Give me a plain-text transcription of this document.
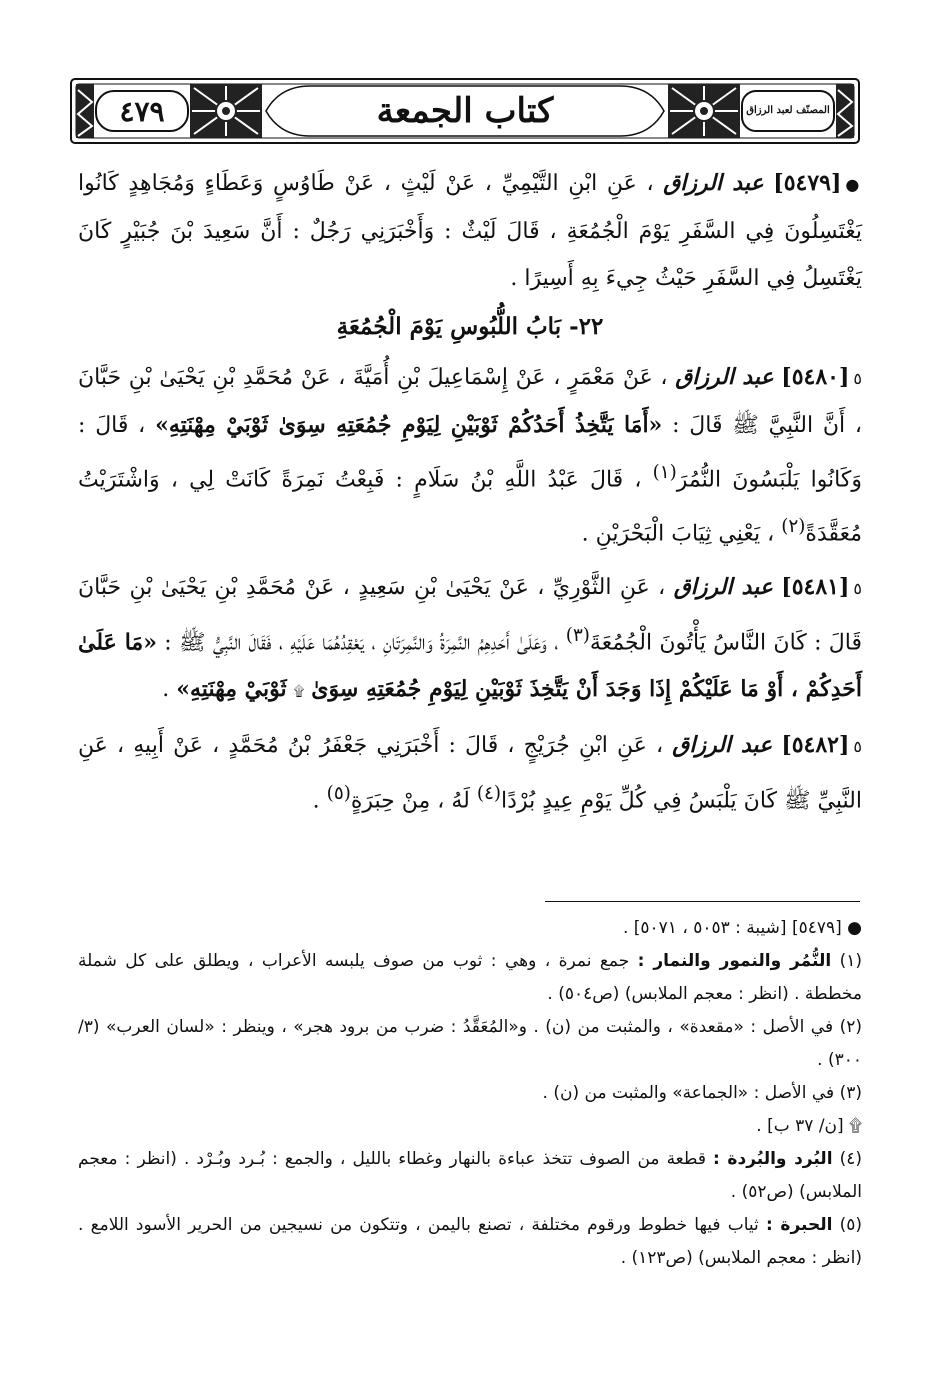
٤٧٩	كتاب الجمعة	المصنّف لعبد الرزاق

●[٥٤٧٩] عبد الرزاق ، عَنِ ابْنِ التَّيْمِيِّ ، عَنْ لَيْثٍ ، عَنْ طَاوُسٍ وَعَطَاءٍ وَمُجَاهِدٍ كَانُوا يَغْتَسِلُونَ فِي السَّفَرِ يَوْمَ الْجُمُعَةِ ، قَالَ لَيْثٌ : وَأَخْبَرَنِي رَجُلٌ : أَنَّ سَعِيدَ بْنَ جُبَيْرٍ كَانَ يَغْتَسِلُ فِي السَّفَرِ حَيْثُ جِيءَ بِهِ أَسِيرًا .

٢٢- بَابُ اللُّبُوسِ يَوْمَ الْجُمُعَةِ

٥[٥٤٨٠] عبد الرزاق ، عَنْ مَعْمَرٍ ، عَنْ إِسْمَاعِيلَ بْنِ أُمَيَّةَ ، عَنْ مُحَمَّدِ بْنِ يَحْيَىٰ بْنِ حَبَّانَ ، أَنَّ النَّبِيَّ ﷺ قَالَ : «أَمَا يَتَّخِذُ أَحَدُكُمْ ثَوْبَيْنِ لِيَوْمِ جُمُعَتِهِ سِوَىٰ ثَوْبَيْ مِهْنَتِهِ» ، قَالَ : وَكَانُوا يَلْبَسُونَ النُّمُرَ$^{(١)}$ ، قَالَ عَبْدُ اللَّهِ بْنُ سَلَامٍ : فَبِعْتُ نَمِرَةً كَانَتْ لِي ، وَاشْتَرَيْتُ مُعَقَّدَةً$^{(٢)}$ ، يَعْنِي ثِيَابَ الْبَحْرَيْنِ .

٥[٥٤٨١] عبد الرزاق ، عَنِ الثَّوْرِيِّ ، عَنْ يَحْيَىٰ بْنِ سَعِيدٍ ، عَنْ مُحَمَّدِ بْنِ يَحْيَىٰ بْنِ حَبَّانَ قَالَ : كَانَ النَّاسُ يَأْتُونَ الْجُمُعَةَ$^{(٣)}$ ، وَعَلَىٰ أَحَدِهِمُ النَّمِرَةُ وَالنَّمِرَتَانِ ، يَعْقِدُهُمَا عَلَيْهِ ، فَقَالَ النَّبِيُّ ﷺ : «مَا عَلَىٰ أَحَدِكُمْ ، أَوْ مَا عَلَيْكُمْ إِذَا وَجَدَ أَنْ يَتَّخِذَ ثَوْبَيْنِ لِيَوْمِ جُمُعَتِهِ سِوَىٰ ۩ ثَوْبَيْ مِهْنَتِهِ» .

٥[٥٤٨٢] عبد الرزاق ، عَنِ ابْنِ جُرَيْجٍ ، قَالَ : أَخْبَرَنِي جَعْفَرُ بْنُ مُحَمَّدٍ ، عَنْ أَبِيهِ ، عَنِ النَّبِيِّ ﷺ كَانَ يَلْبَسُ فِي كُلِّ يَوْمِ عِيدٍ بُرْدًا$^{(٤)}$ لَهُ ، مِنْ حِبَرَةٍ$^{(٥)}$ .

● [٥٤٧٩] [شيبة : ٥٠٥٣ ، ٥٠٧١] .

(١) النُّمُر والنمور والنمار : جمع نمرة ، وهي : ثوب من صوف يلبسه الأعراب ، ويطلق على كل شملة مخططة . (انظر : معجم الملابس) (ص٥٠٤) .

(٢) في الأصل : «مقعدة» ، والمثبت من (ن) . و«المُعَقَّدُ : ضرب من برود هجر» ، وينظر : «لسان العرب» (٣/ ٣٠٠) .

(٣) في الأصل : «الجماعة» والمثبت من (ن) .

۩ [ن/ ٣٧ ب] .

(٤) البُرد والبُردة : قطعة من الصوف تتخذ عباءة بالنهار وغطاء بالليل ، والجمع : بُـرد وبُـرْد . (انظر : معجم الملابس) (ص٥٢) .

(٥) الحبرة : ثياب فيها خطوط ورقوم مختلفة ، تصنع باليمن ، وتتكون من نسيجين من الحرير الأسود اللامع . (انظر : معجم الملابس) (ص١٢٣) .
